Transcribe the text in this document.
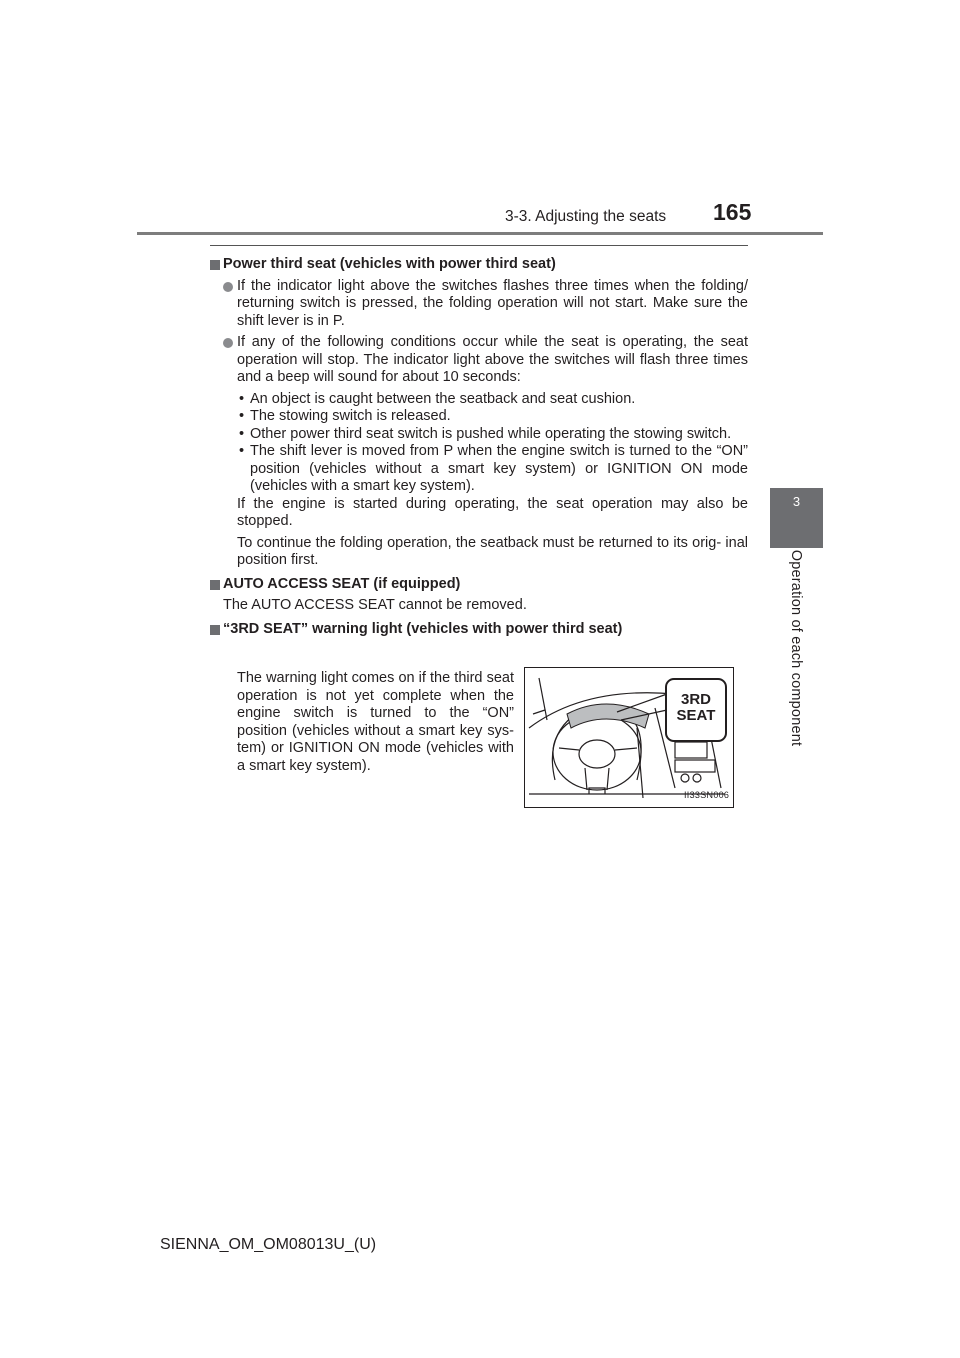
3-3. Adjusting the seats 165
3
Operation of each component
Power third seat (vehicles with power third seat)
If the indicator light above the switches flashes three times when the folding/ returning switch is pressed, the folding operation will not start. Make sure the shift lever is in P.
If any of the following conditions occur while the seat is operating, the seat operation will stop. The indicator light above the switches will flash three times and a beep will sound for about 10 seconds:
• An object is caught between the seatback and seat cushion.
• The stowing switch is released.
• Other power third seat switch is pushed while operating the stowing switch.
• The shift lever is moved from P when the engine switch is turned to the “ON” position (vehicles without a smart key system) or IGNITION ON mode (vehicles with a smart key system).
If the engine is started during operating, the seat operation may also be stopped.
To continue the folding operation, the seatback must be returned to its orig- inal position first.
AUTO ACCESS SEAT (if equipped)
The AUTO ACCESS SEAT cannot be removed.
“3RD SEAT” warning light (vehicles with power third seat)
The warning light comes on if the third seat operation is not yet complete when the engine switch is turned to the “ON” position (vehicles without a smart key sys- tem) or IGNITION ON mode (vehicles with a smart key system).
3RD
SEAT
II33SN006
SIENNA_OM_OM08013U_(U)
